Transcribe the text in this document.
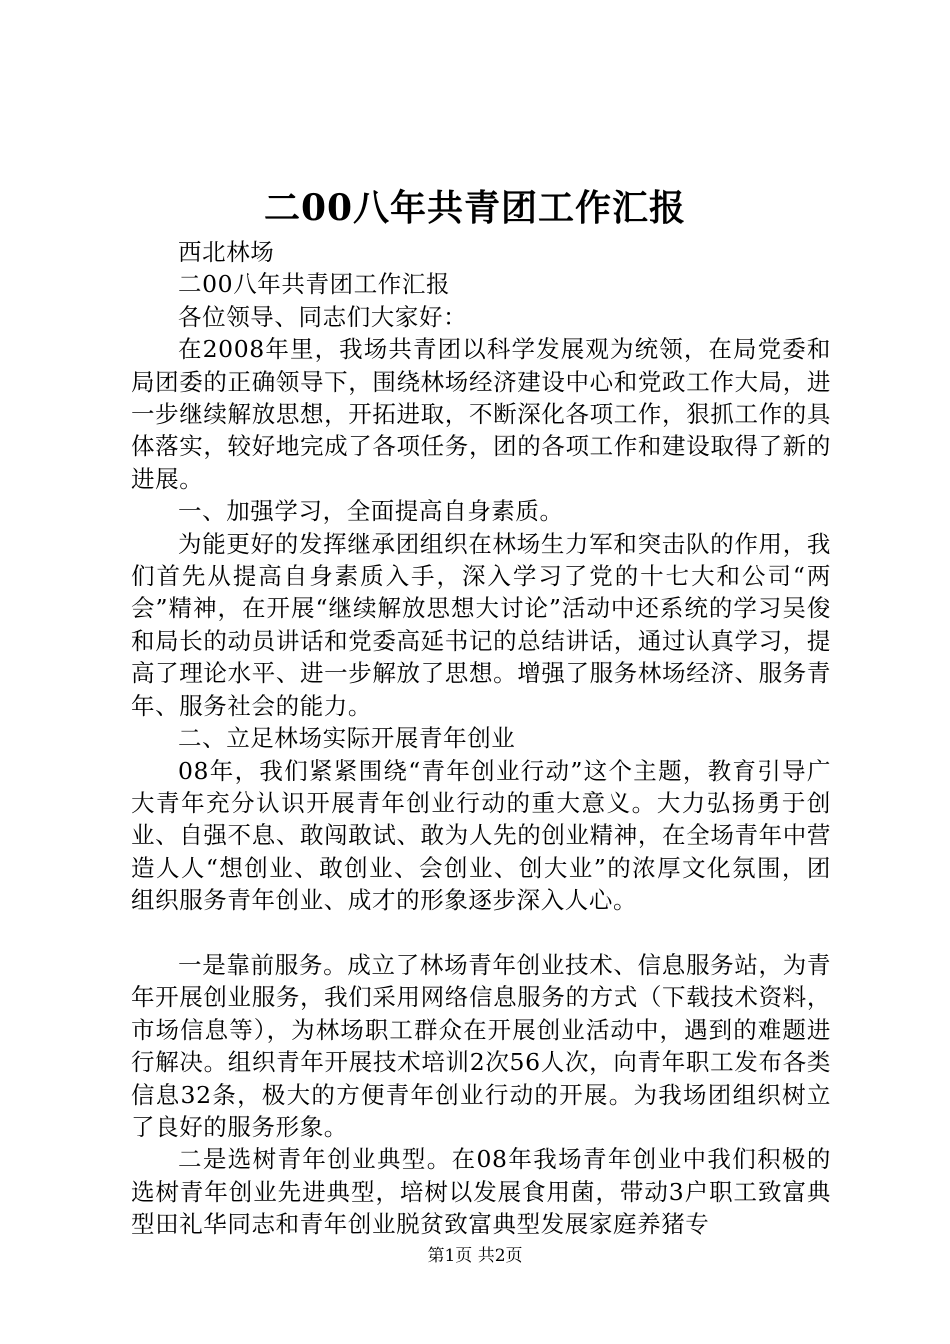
二00八年共青团工作汇报

西北林场

二00八年共青团工作汇报

各位领导、同志们大家好：

在2008年里，我场共青团以科学发展观为统领，在局党委和局团委的正确领导下，围绕林场经济建设中心和党政工作大局，进一步继续解放思想，开拓进取，不断深化各项工作，狠抓工作的具体落实，较好地完成了各项任务，团的各项工作和建设取得了新的进展。

一、加强学习，全面提高自身素质。

为能更好的发挥继承团组织在林场生力军和突击队的作用，我们首先从提高自身素质入手，深入学习了党的十七大和公司“两会”精神，在开展“继续解放思想大讨论”活动中还系统的学习吴俊和局长的动员讲话和党委高延书记的总结讲话，通过认真学习，提高了理论水平、进一步解放了思想。增强了服务林场经济、服务青年、服务社会的能力。

二、立足林场实际开展青年创业

08年，我们紧紧围绕“青年创业行动”这个主题，教育引导广大青年充分认识开展青年创业行动的重大意义。大力弘扬勇于创业、自强不息、敢闯敢试、敢为人先的创业精神，在全场青年中营造人人“想创业、敢创业、会创业、创大业”的浓厚文化氛围，团组织服务青年创业、成才的形象逐步深入人心。

一是靠前服务。成立了林场青年创业技术、信息服务站，为青年开展创业服务，我们采用网络信息服务的方式（下载技术资料，市场信息等），为林场职工群众在开展创业活动中，遇到的难题进行解决。组织青年开展技术培训2次56人次，向青年职工发布各类信息32条，极大的方便青年创业行动的开展。为我场团组织树立了良好的服务形象。

二是选树青年创业典型。在08年我场青年创业中我们积极的选树青年创业先进典型，培树以发展食用菌，带动3户职工致富典型田礼华同志和青年创业脱贫致富典型发展家庭养猪专

第1页 共2页
